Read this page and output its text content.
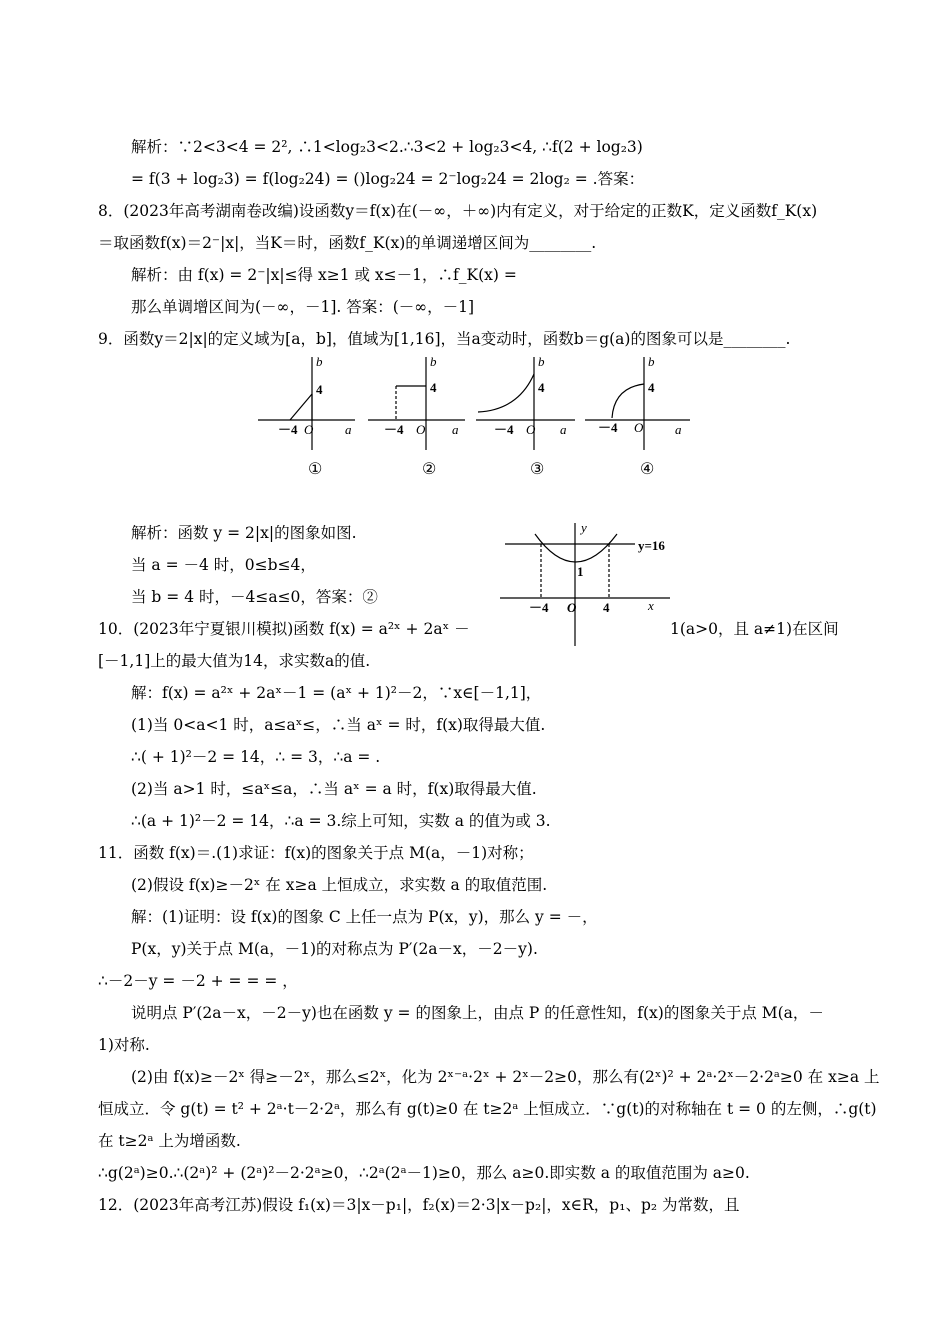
解析：∵2<3<4 = 2², ∴1<log₂3<2.∴3<2 + log₂3<4, ∴f(2 + log₂3)
= f(3 + log₂3) = f(log₂24) = ()log₂24 = 2⁻log₂24 = 2log₂ = .答案：
8．(2023年高考湖南卷改编)设函数y＝f(x)在(－∞，＋∞)内有定义，对于给定的正数K，定义函数f_K(x)
＝取函数f(x)＝2⁻|x|，当K＝时，函数f_K(x)的单调递增区间为________.
解析：由 f(x) = 2⁻|x|≤得 x≥1 或 x≤－1，∴f_K(x) =
那么单调增区间为(－∞，－1]. 答案：(－∞，－1]
9．函数y＝2|x|的定义域为[a，b]，值域为[1,16]，当a变动时，函数b＝g(a)的图象可以是________.
b	b	b	b
a	a	a	a
O	O	O	O
4	4	4	4
－4	－4	－4	－4
①	②	③	④
解析：函数 y = 2|x|的图象如图.
当 a = －4 时，0≤b≤4，
当 b = 4 时，－4≤a≤0，答案：②
y
x
y=16
O
－4	4
1
10．(2023年宁夏银川模拟)函数 f(x) = a²ˣ + 2aˣ －	1(a>0，且 a≠1)在区间
[－1,1]上的最大值为14，求实数a的值.
解：f(x) = a²ˣ + 2aˣ－1 = (aˣ + 1)²－2，∵x∈[－1,1]，
(1)当 0<a<1 时，a≤aˣ≤，∴当 aˣ = 时，f(x)取得最大值.
∴( + 1)²－2 = 14，∴ = 3，∴a = .
(2)当 a>1 时，≤aˣ≤a，∴当 aˣ = a 时，f(x)取得最大值.
∴(a + 1)²－2 = 14，∴a = 3.综上可知，实数 a 的值为或 3.
11．函数 f(x)＝.(1)求证：f(x)的图象关于点 M(a，－1)对称；
(2)假设 f(x)≥－2ˣ 在 x≥a 上恒成立，求实数 a 的取值范围.
解：(1)证明：设 f(x)的图象 C 上任一点为 P(x，y)，那么 y = －，
P(x，y)关于点 M(a，－1)的对称点为 P′(2a－x，－2－y).
∴－2－y = －2 + = = = ，
说明点 P′(2a－x，－2－y)也在函数 y = 的图象上，由点 P 的任意性知，f(x)的图象关于点 M(a，－
1)对称.
(2)由 f(x)≥－2ˣ 得≥－2ˣ，那么≤2ˣ，化为 2ˣ⁻ᵃ·2ˣ + 2ˣ－2≥0，那么有(2ˣ)² + 2ᵃ·2ˣ－2·2ᵃ≥0 在 x≥a 上
恒成立．令 g(t) = t² + 2ᵃ·t－2·2ᵃ，那么有 g(t)≥0 在 t≥2ᵃ 上恒成立．∵g(t)的对称轴在 t = 0 的左侧，∴g(t)
在 t≥2ᵃ 上为增函数.
∴g(2ᵃ)≥0.∴(2ᵃ)² + (2ᵃ)²－2·2ᵃ≥0，∴2ᵃ(2ᵃ－1)≥0，那么 a≥0.即实数 a 的取值范围为 a≥0.
12．(2023年高考江苏)假设 f₁(x)＝3|x－p₁|，f₂(x)＝2·3|x－p₂|，x∈R，p₁、p₂ 为常数，且
